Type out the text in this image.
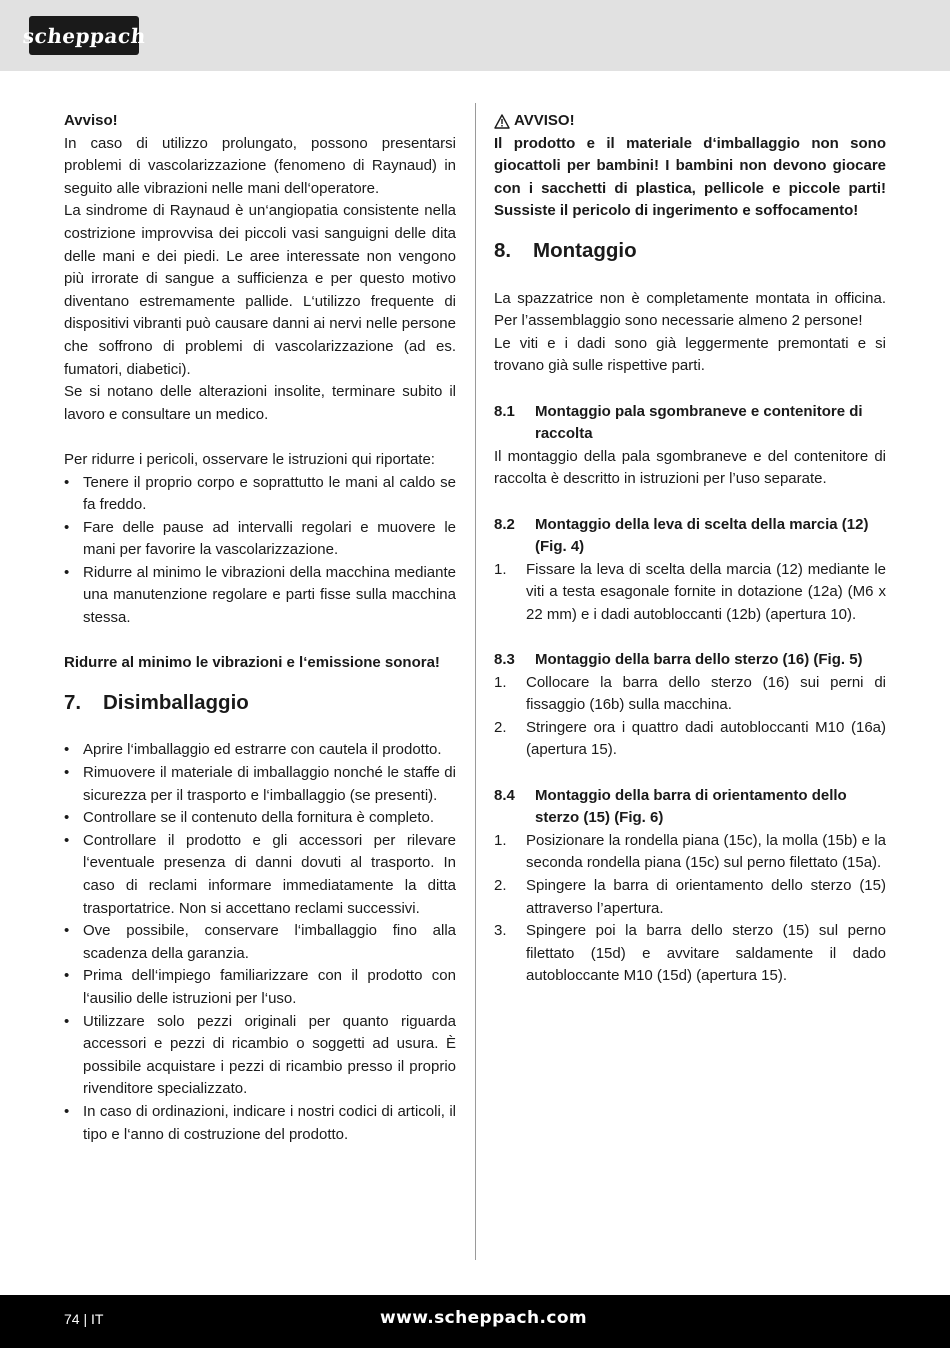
scheppach

Avviso!

In caso di utilizzo prolungato, possono presentarsi problemi di vascolarizzazione (fenomeno di Raynaud) in seguito alle vibrazioni nelle mani dell‘operatore.

La sindrome di Raynaud è un‘angiopatia consistente nella costrizione improvvisa dei piccoli vasi sanguigni delle dita delle mani e dei piedi. Le aree interessate non vengono più irrorate di sangue a sufficienza e per questo motivo diventano estremamente pallide. L‘utilizzo frequente di dispositivi vibranti può causare danni ai nervi nelle persone che soffrono di problemi di vascolarizzazione (ad es. fumatori, diabetici).

Se si notano delle alterazioni insolite, terminare subito il lavoro e consultare un medico.

Per ridurre i pericoli, osservare le istruzioni qui riportate:

• Tenere il proprio corpo e soprattutto le mani al caldo se fa freddo.
• Fare delle pause ad intervalli regolari e muovere le mani per favorire la vascolarizzazione.
• Ridurre al minimo le vibrazioni della macchina mediante una manutenzione regolare e parti fisse sulla macchina stessa.

Ridurre al minimo le vibrazioni e l‘emissione sonora!

7.	Disimballaggio
• Aprire l‘imballaggio ed estrarre con cautela il prodotto.
• Rimuovere il materiale di imballaggio nonché le staffe di sicurezza per il trasporto e l‘imballaggio (se presenti).
• Controllare se il contenuto della fornitura è completo.
• Controllare il prodotto e gli accessori per rilevare l‘eventuale presenza di danni dovuti al trasporto. In caso di reclami informare immediatamente la ditta trasportatrice. Non si accettano reclami successivi.
• Ove possibile, conservare l‘imballaggio fino alla scadenza della garanzia.
• Prima dell‘impiego familiarizzare con il prodotto con l‘ausilio delle istruzioni per l‘uso.
• Utilizzare solo pezzi originali per quanto riguarda accessori e pezzi di ricambio o soggetti ad usura. È possibile acquistare i pezzi di ricambio presso il proprio rivenditore specializzato.
• In caso di ordinazioni, indicare i nostri codici di articoli, il tipo e l‘anno di costruzione del prodotto.
AVVISO!

Il prodotto e il materiale d‘imballaggio non sono giocattoli per bambini! I bambini non devono giocare con i sacchetti di plastica, pellicole e piccole parti! Sussiste il pericolo di ingerimento e soffocamento!

8.	Montaggio

La spazzatrice non è completamente montata in officina. Per l’assemblaggio sono necessarie almeno 2 persone!

Le viti e i dadi sono già leggermente premontati e si trovano già sulle rispettive parti.

8.1 Montaggio pala sgombraneve e contenitore di raccolta

Il montaggio della pala sgombraneve e del contenitore di raccolta è descritto in istruzioni per l’uso separate.

8.2 Montaggio della leva di scelta della marcia (12) (Fig. 4)
1. Fissare la leva di scelta della marcia (12) mediante le viti a testa esagonale fornite in dotazione (12a) (M6 x 22 mm) e i dadi autobloccanti (12b) (apertura 10).
8.3 Montaggio della barra dello sterzo (16) (Fig. 5)
1. Collocare la barra dello sterzo (16) sui perni di fissaggio (16b) sulla macchina.
2. Stringere ora i quattro dadi autobloccanti M10 (16a) (apertura 15).
8.4 Montaggio della barra di orientamento dello sterzo (15) (Fig. 6)
1. Posizionare la rondella piana (15c), la molla (15b) e la seconda rondella piana (15c) sul perno filettato (15a).
2. Spingere la barra di orientamento dello sterzo (15) attraverso l’apertura.
3. Spingere poi la barra dello sterzo (15) sul perno filettato (15d) e avvitare saldamente il dado autobloccante M10 (15d) (apertura 15).
74 | IT	www.scheppach.com
